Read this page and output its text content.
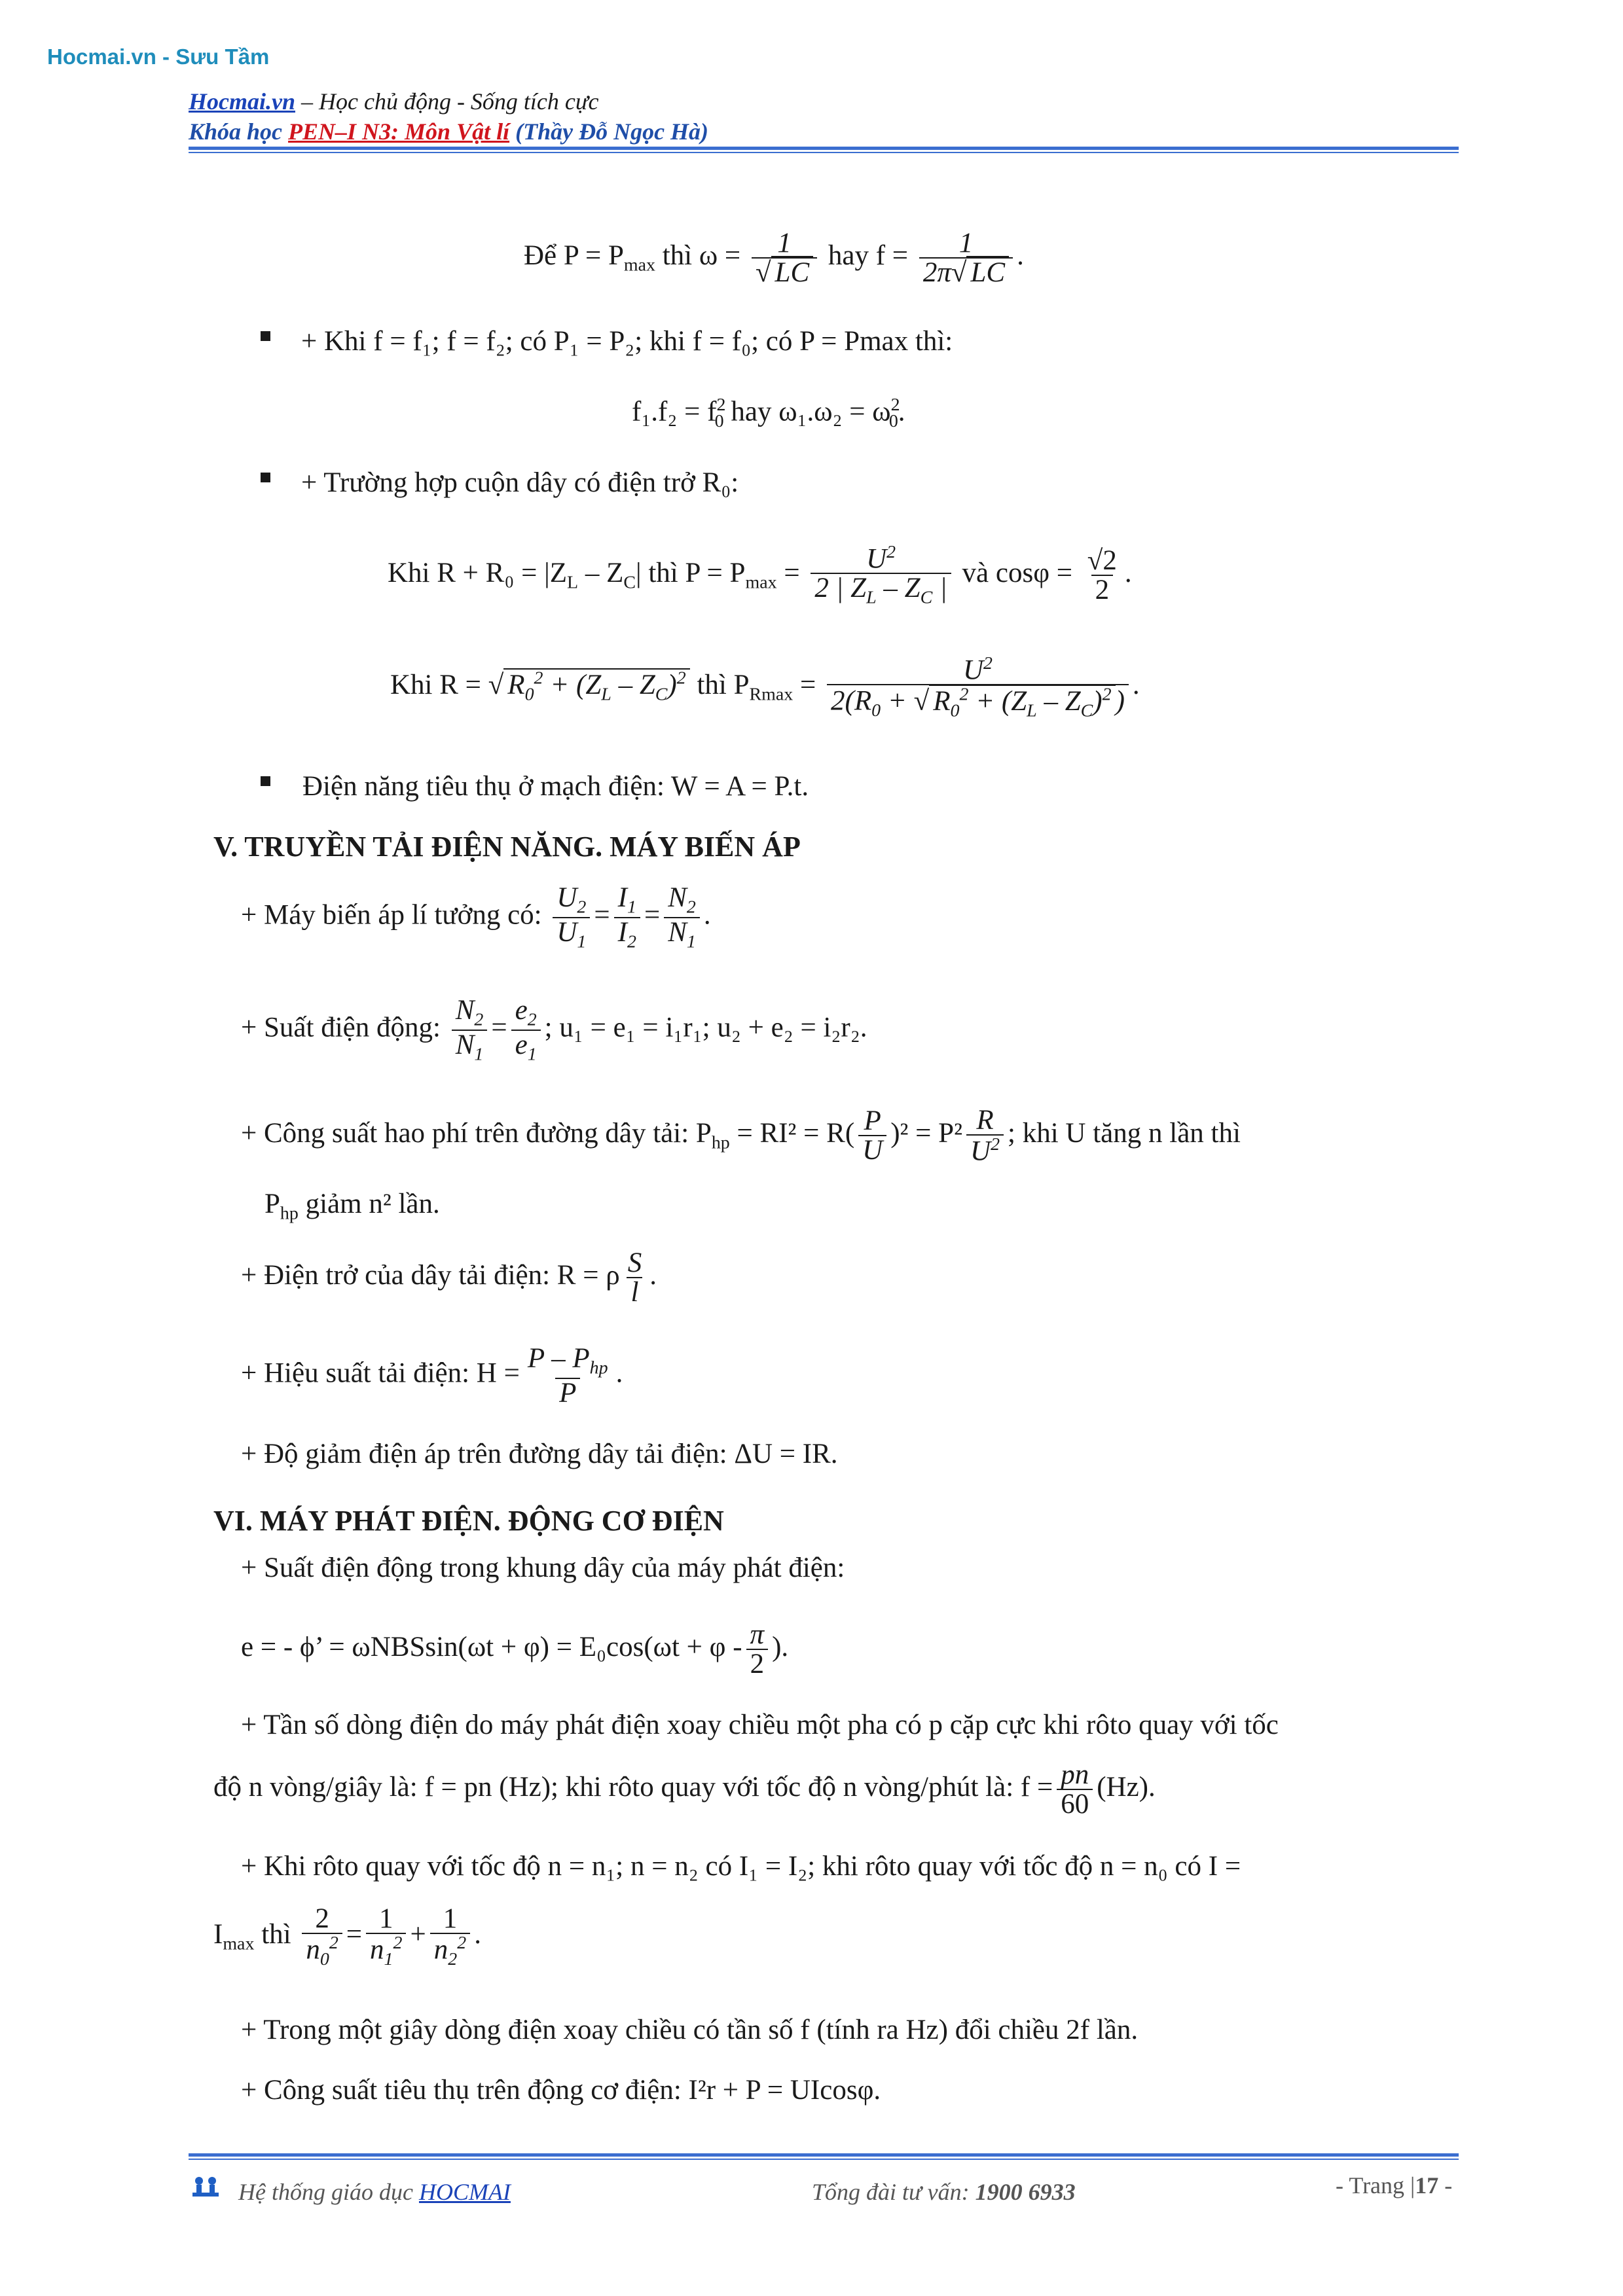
Hocmai.vn - Sưu Tầm
Hocmai.vn – Học chủ động - Sống tích cực
Khóa học PEN–I N3: Môn Vật lí (Thầy Đỗ Ngọc Hà)
Để $P = P_{max}$ thì $\omega = \frac{1}{√ LC}$ hay $f = \frac{1}{2\pi√ LC}$ .
+ Khi f = f₁; f = f₂; có P₁ = P₂; khi f = f₀; có P = Pmax thì:
$f_1.f_2 = f^2_0$ hay $\omega_1.\omega_2 = \omega^2_0$.
+ Trường hợp cuộn dây có điện trở R₀:
Khi $R + R_0 = |Z_L - Z_C|$ thì $P = P_{max} = \frac{U^2}{2 | Z_L - Z_C |}$ và $\cos\varphi = \frac{√2}{2}$ .
Khi R = √ $R_0^2 + (Z_L - Z_C)^2$ thì $P_{Rmax} = \frac{U^2}{2(R_0 + √ R_0^2 + (Z_L - Z_C)^2 )}$ .
Điện năng tiêu thụ ở mạch điện: W = A = P.t.
V. TRUYỀN TẢI ĐIỆN NĂNG. MÁY BIẾN ÁP
+ Máy biến áp lí tưởng có: $\frac{U_2}{U_1} = \frac{I_1}{I_2} = \frac{N_2}{N_1}$ .
+ Suất điện động: $\frac{N_2}{N_1} = \frac{e_2}{e_1}$ ; u₁ = e₁ = i₁r₁; u₂ + e₂ = i₂r₂.
+ Công suất hao phí trên đường dây tải: $P_{hp} = RI^2 = R( \frac{P}{U} )^2 = P^2 \frac{R}{U^2}$ ; khi U tăng n lần thì
$P_{hp}$ giảm n² lần.
+ Điện trở của dây tải điện: R = ρ $\frac{S}{l}$ .
+ Hiệu suất tải điện: $H = \frac{P - P_{hp}}{P}$ .
+ Độ giảm điện áp trên đường dây tải điện: ΔU = IR.
VI. MÁY PHÁT ĐIỆN. ĐỘNG CƠ ĐIỆN
+ Suất điện động trong khung dây của máy phát điện:
e = - ϕ’ = $\omega NBSsin(\omega t + \varphi) = E_0\cos(\omega t + \varphi - \frac{\pi}{2}$ ).
+ Tần số dòng điện do máy phát điện xoay chiều một pha có p cặp cực khi rôto quay với tốc
độ n vòng/giây là: f = pn (Hz); khi rôto quay với tốc độ n vòng/phút là: $f = \frac{pn}{60} (Hz)$.
+ Khi rôto quay với tốc độ n = n₁; n = n₂ có I₁ = I₂; khi rôto quay với tốc độ n = n₀ có I =
$I_{max}$ thì $\frac{2}{n_0^2} = \frac{1}{n_1^2} + \frac{1}{n_2^2}$ .
+ Trong một giây dòng điện xoay chiều có tần số f (tính ra Hz) đổi chiều 2f lần.
+ Công suất tiêu thụ trên động cơ điện: I²r + P = UIcosφ.
Hệ thống giáo dục HOCMAI	Tổng đài tư vấn: 1900 6933	- Trang |17 -
